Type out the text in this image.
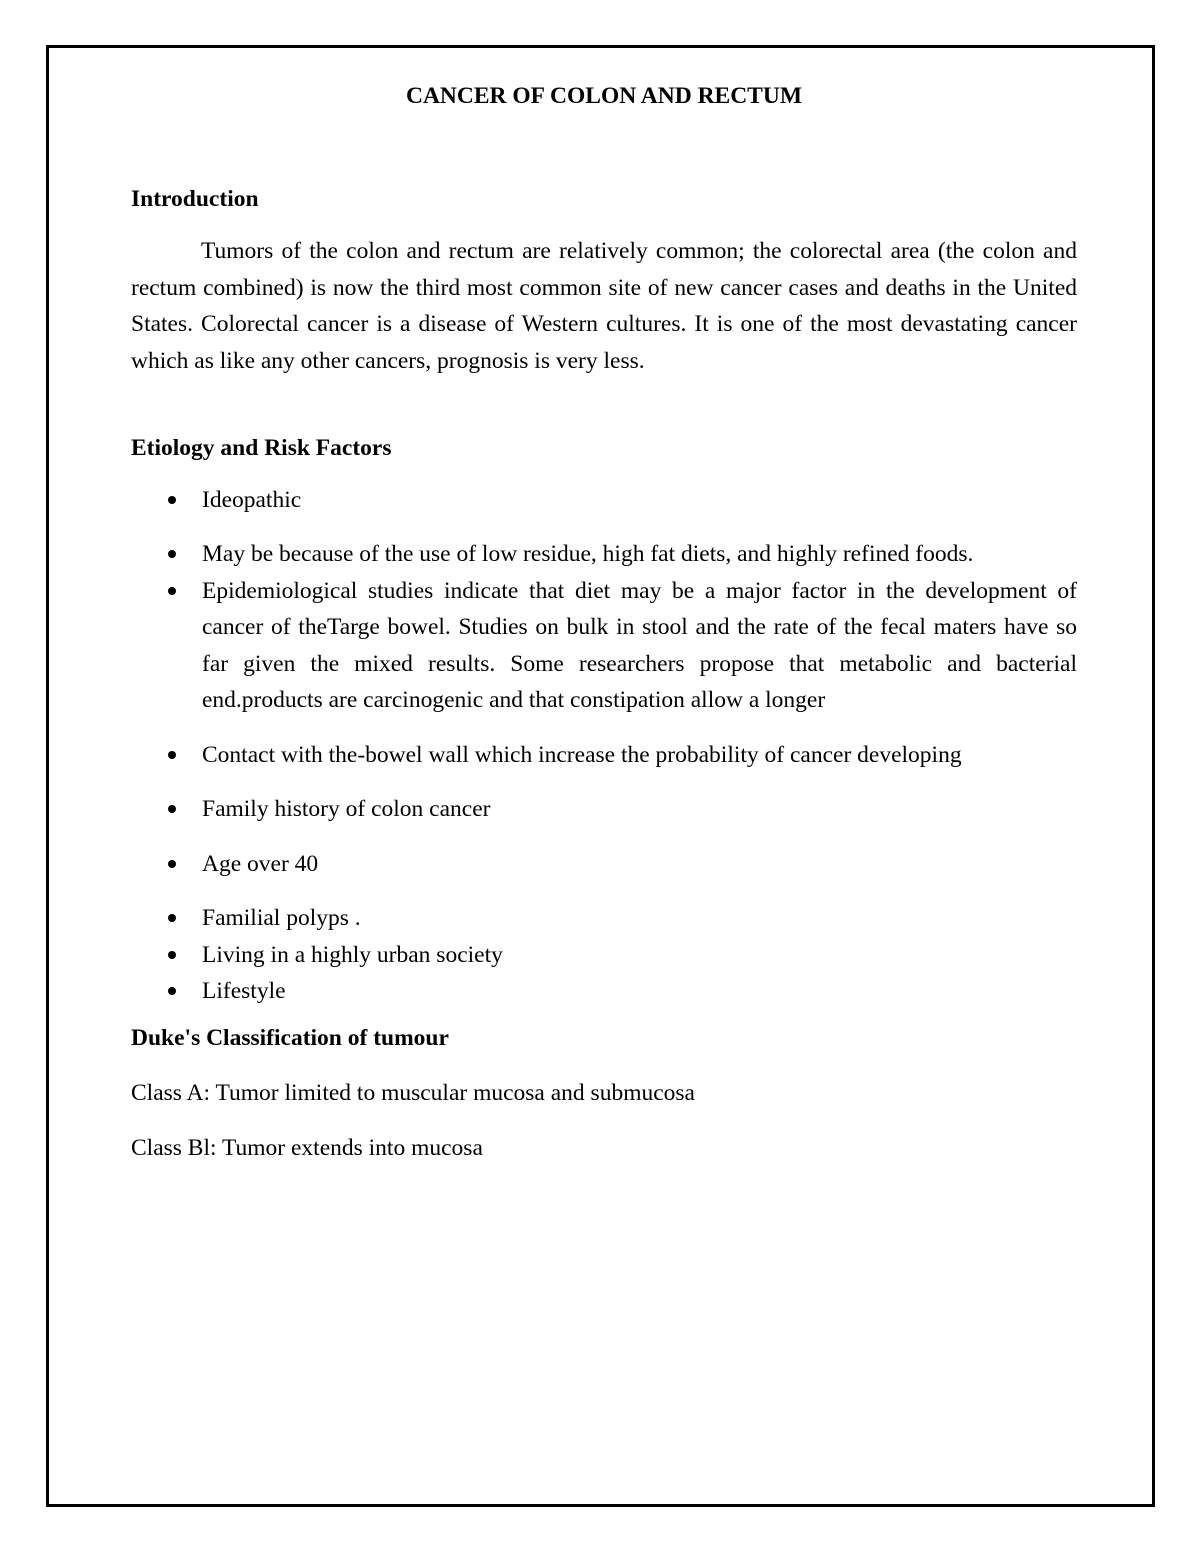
CANCER OF COLON AND RECTUM

Introduction

Tumors of the colon and rectum are relatively common; the colorectal area (the colon and rectum combined) is now the third most common site of new cancer cases and deaths in the United States. Colorectal cancer is a disease of Western cultures. It is one of the most devastating cancer which as like any other cancers, prognosis is very less.

Etiology and Risk Factors

Ideopathic
May be because of the use of low residue, high fat diets, and highly refined foods.
Epidemiological studies indicate that diet may be a major factor in the development of cancer of theTarge bowel. Studies on bulk in stool and the rate of the fecal maters have so far given the mixed results. Some researchers propose that metabolic and bacterial end.products are carcinogenic and that constipation allow a longer
Contact with the-bowel wall which increase the probability of cancer developing
Family history of colon cancer
Age over 40
Familial polyps .
Living in a highly urban society
Lifestyle

Duke's Classification of tumour

Class A: Tumor limited to muscular mucosa and submucosa

Class Bl: Tumor extends into mucosa
